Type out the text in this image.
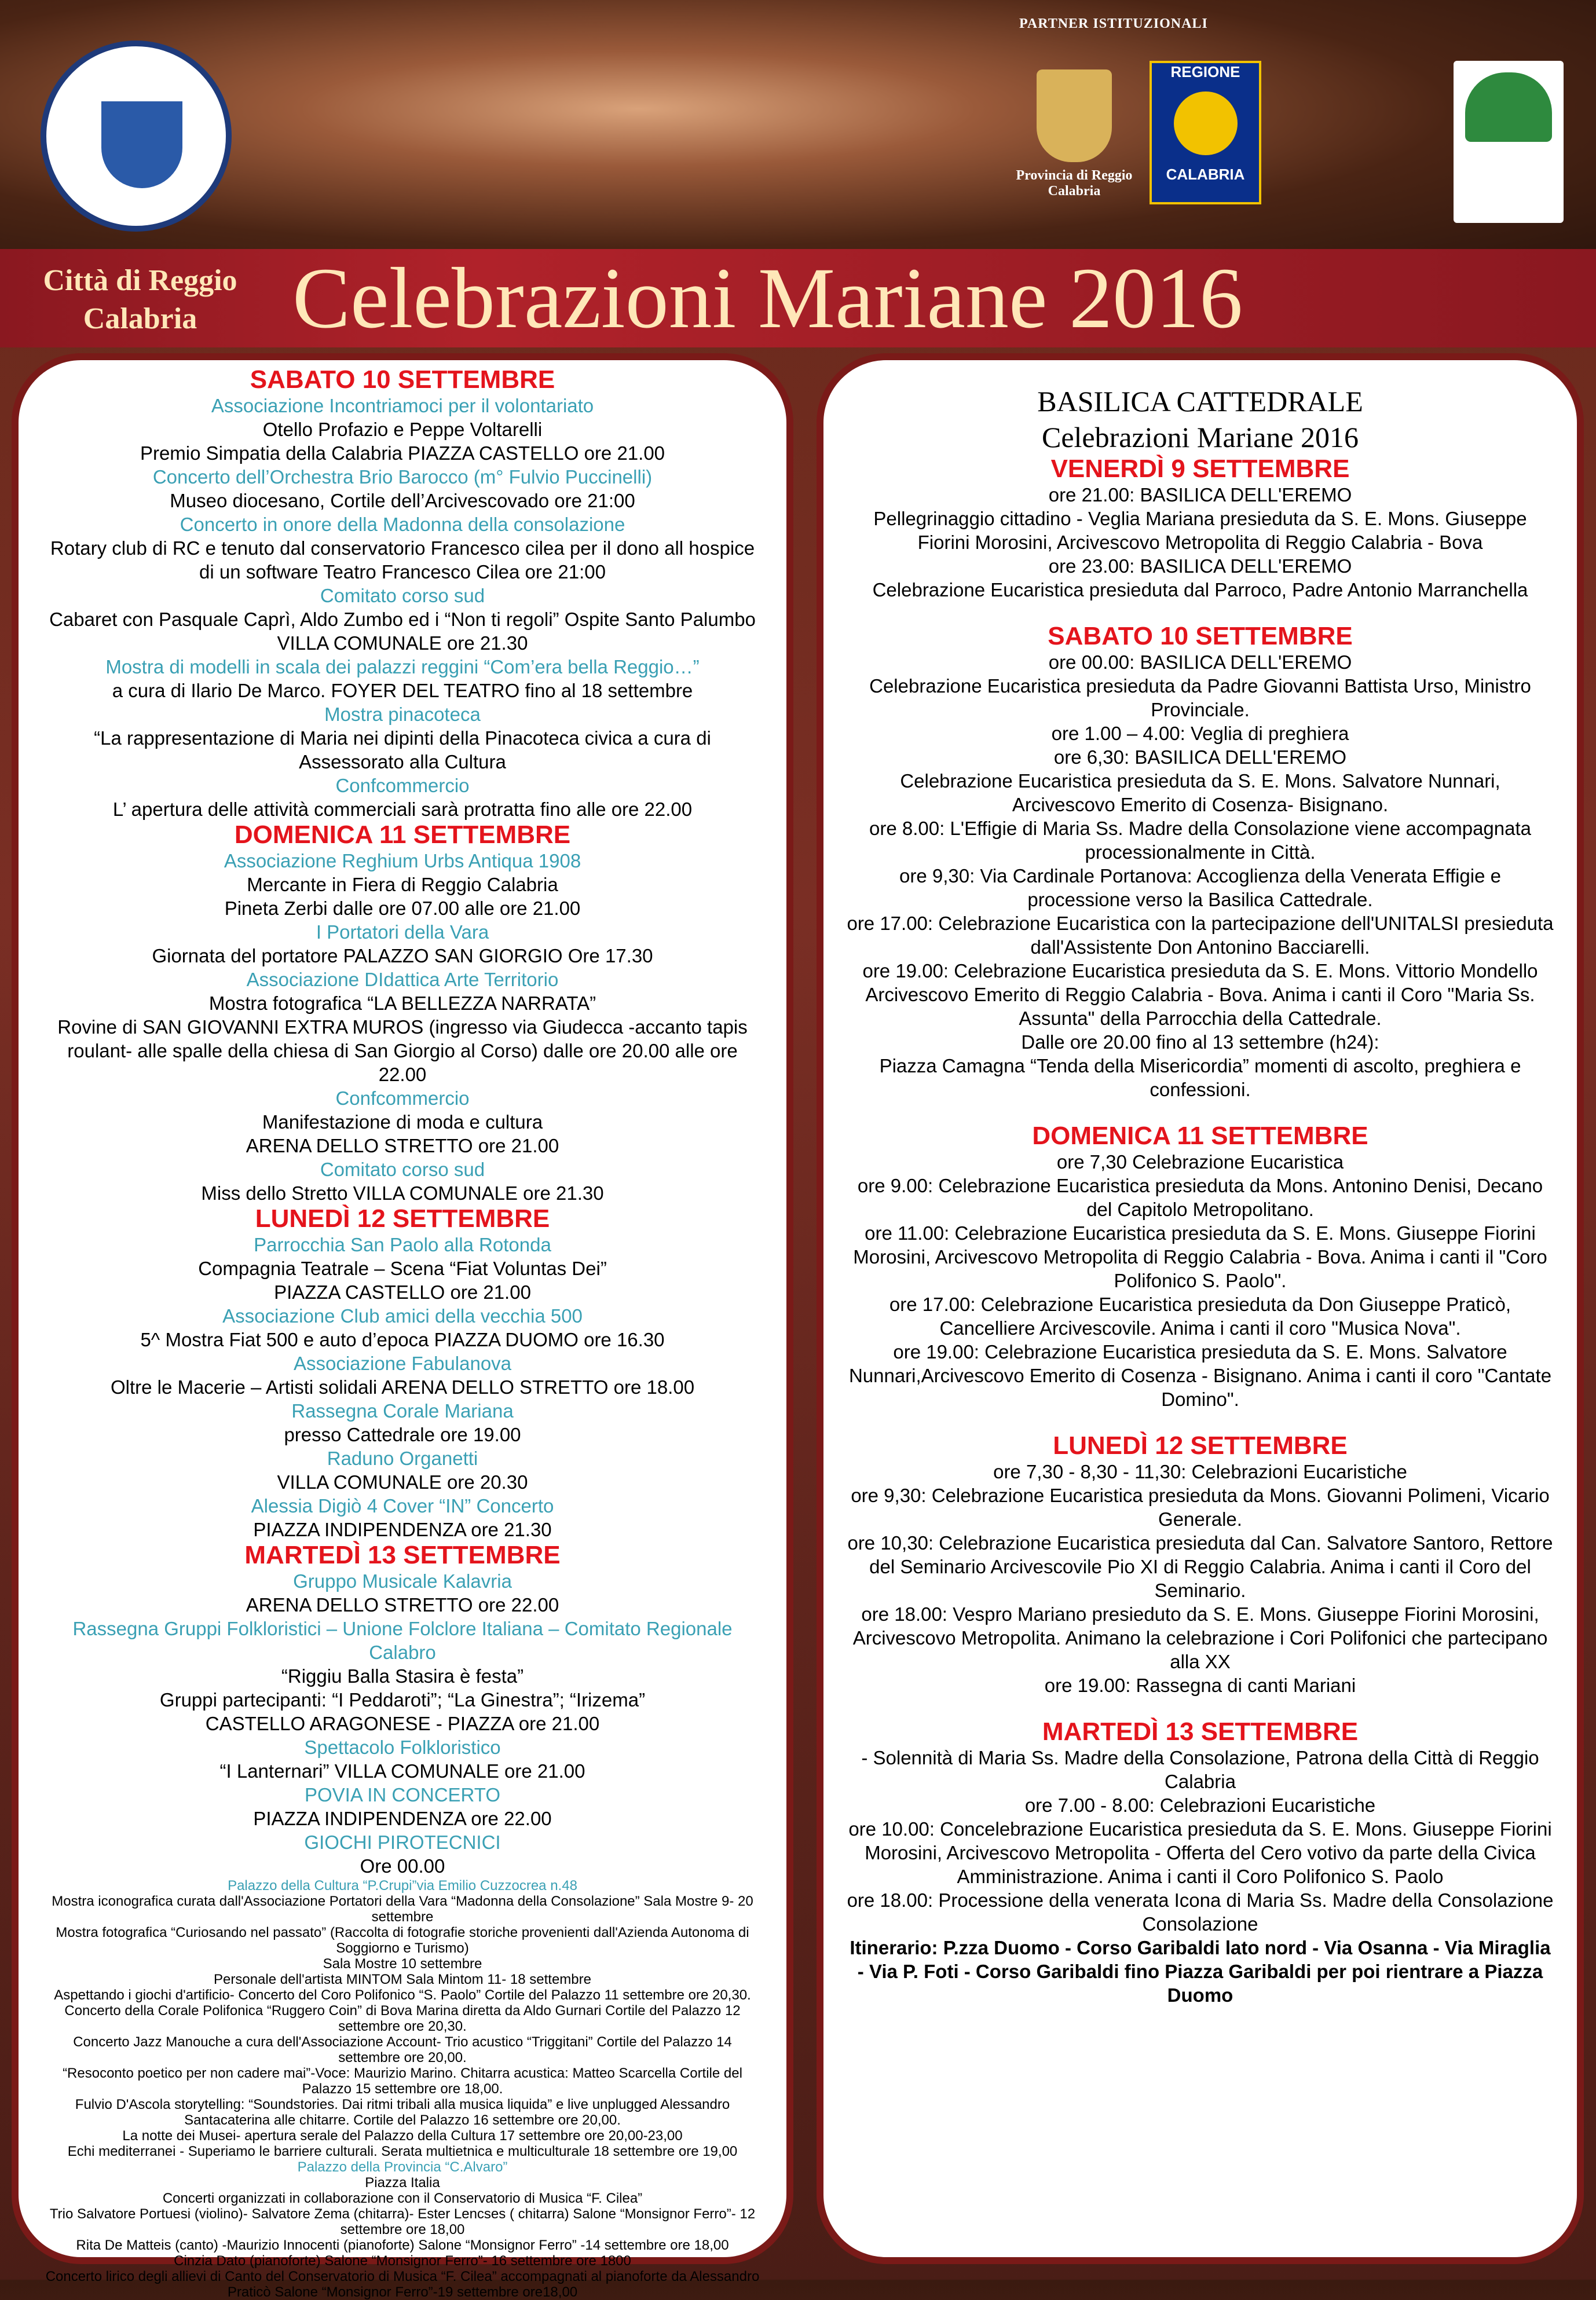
PARTNER ISTITUZIONALI
Provincia di Reggio Calabria
REGIONE
CALABRIA
Città di Reggio Calabria	Celebrazioni Mariane 2016
SABATO 10 SETTEMBRE
Associazione Incontriamoci per il volontariato
Otello Profazio e Peppe Voltarelli
Premio Simpatia della Calabria PIAZZA CASTELLO ore 21.00
Concerto dell’Orchestra Brio Barocco (m° Fulvio Puccinelli)
Museo diocesano, Cortile dell’Arcivescovado ore 21:00
Concerto in onore della Madonna della consolazione
Rotary club di RC e tenuto dal conservatorio Francesco cilea per il dono all hospice di un software Teatro Francesco Cilea ore 21:00
Comitato corso sud
Cabaret con Pasquale Caprì, Aldo Zumbo ed i “Non ti regoli” Ospite Santo Palumbo VILLA COMUNALE ore 21.30
Mostra di modelli in scala dei palazzi reggini “Com’era bella Reggio…”
a cura di Ilario De Marco. FOYER DEL TEATRO fino al 18 settembre
Mostra pinacoteca
“La rappresentazione di Maria nei dipinti della Pinacoteca civica a cura di Assessorato alla Cultura
Confcommercio
L’ apertura delle attività commerciali sarà protratta fino alle ore 22.00
DOMENICA 11 SETTEMBRE
Associazione Reghium Urbs Antiqua 1908
Mercante in Fiera di Reggio Calabria
Pineta Zerbi dalle ore 07.00 alle ore 21.00
I Portatori della Vara
Giornata del portatore PALAZZO SAN GIORGIO Ore 17.30
Associazione DIdattica Arte Territorio
Mostra fotografica “LA BELLEZZA NARRATA”
Rovine di SAN GIOVANNI EXTRA MUROS (ingresso via Giudecca -accanto tapis roulant- alle spalle della chiesa di San Giorgio al Corso) dalle ore 20.00 alle ore 22.00
Confcommercio
Manifestazione di moda e cultura
ARENA DELLO STRETTO ore 21.00
Comitato corso sud
Miss dello Stretto VILLA COMUNALE ore 21.30
LUNEDÌ 12 SETTEMBRE
Parrocchia San Paolo alla Rotonda
Compagnia Teatrale – Scena “Fiat Voluntas Dei”
PIAZZA CASTELLO ore 21.00
Associazione Club amici della vecchia 500
5^ Mostra Fiat 500 e auto d’epoca PIAZZA DUOMO ore 16.30
Associazione Fabulanova
Oltre le Macerie – Artisti solidali ARENA DELLO STRETTO ore 18.00
Rassegna Corale Mariana
presso Cattedrale ore 19.00
Raduno Organetti
VILLA COMUNALE ore 20.30
Alessia Digiò 4 Cover “IN” Concerto
PIAZZA INDIPENDENZA ore 21.30
MARTEDÌ 13 SETTEMBRE
Gruppo Musicale Kalavria
ARENA DELLO STRETTO ore 22.00
Rassegna Gruppi Folkloristici – Unione Folclore Italiana – Comitato Regionale Calabro
“Riggiu Balla Stasira è festa”
Gruppi partecipanti: “I Peddaroti”; “La Ginestra”; “Irizema”
CASTELLO ARAGONESE - PIAZZA ore 21.00
Spettacolo Folkloristico
“I Lanternari” VILLA COMUNALE ore 21.00
POVIA IN CONCERTO
PIAZZA INDIPENDENZA ore 22.00
GIOCHI PIROTECNICI
Ore 00.00
Palazzo della Cultura “P.Crupi”via Emilio Cuzzocrea n.48
Mostra iconografica curata dall'Associazione Portatori della Vara “Madonna della Consolazione” Sala Mostre 9- 20 settembre
Mostra fotografica “Curiosando nel passato” (Raccolta di fotografie storiche provenienti dall'Azienda Autonoma di Soggiorno e Turismo)
Sala Mostre 10 settembre
Personale dell'artista MINTOM Sala Mintom 11- 18 settembre
Aspettando i giochi d'artificio- Concerto del Coro Polifonico “S. Paolo” Cortile del Palazzo 11 settembre ore 20,30.
Concerto della Corale Polifonica “Ruggero Coin” di Bova Marina diretta da Aldo Gurnari Cortile del Palazzo 12 settembre ore 20,30.
Concerto Jazz Manouche a cura dell'Associazione Account- Trio acustico “Triggitani” Cortile del Palazzo 14 settembre ore 20,00.
“Resoconto poetico per non cadere mai”-Voce: Maurizio Marino. Chitarra acustica: Matteo Scarcella Cortile del Palazzo 15 settembre ore 18,00.
Fulvio D'Ascola storytelling: “Soundstories. Dai ritmi tribali alla musica liquida” e live unplugged Alessandro Santacaterina alle chitarre. Cortile del Palazzo 16 settembre ore 20,00.
La notte dei Musei- apertura serale del Palazzo della Cultura 17 settembre ore 20,00-23,00
Echi mediterranei - Superiamo le barriere culturali. Serata multietnica e multiculturale 18 settembre ore 19,00
Palazzo della Provincia “C.Alvaro”
Piazza Italia
Concerti organizzati in collaborazione con il Conservatorio di Musica “F. Cilea”
Trio Salvatore Portuesi (violino)- Salvatore Zema (chitarra)- Ester Lencses ( chitarra) Salone “Monsignor Ferro”- 12 settembre ore 18,00
Rita De Matteis (canto) -Maurizio Innocenti (pianoforte) Salone “Monsignor Ferro” -14 settembre ore 18,00
Cinzia Dato (pianoforte) Salone “Monsignor Ferro”- 16 settembre ore 1800
Concerto lirico degli allievi di Canto del Conservatorio di Musica “F. Cilea” accompagnati al pianoforte da Alessandro Praticò Salone “Monsignor Ferro”-19 settembre ore18,00
BASILICA CATTEDRALE
Celebrazioni Mariane 2016
VENERDÌ 9 SETTEMBRE
ore 21.00: BASILICA DELL'EREMO
Pellegrinaggio cittadino - Veglia Mariana presieduta da S. E. Mons. Giuseppe Fiorini Morosini, Arcivescovo Metropolita di Reggio Calabria - Bova
ore 23.00: BASILICA DELL'EREMO
Celebrazione Eucaristica presieduta dal Parroco, Padre Antonio Marranchella
SABATO 10 SETTEMBRE
ore 00.00: BASILICA DELL'EREMO
Celebrazione Eucaristica presieduta da Padre Giovanni Battista Urso, Ministro Provinciale.
ore 1.00 – 4.00: Veglia di preghiera
ore 6,30: BASILICA DELL'EREMO
Celebrazione Eucaristica presieduta da S. E. Mons. Salvatore Nunnari, Arcivescovo Emerito di Cosenza- Bisignano.
ore 8.00: L'Effigie di Maria Ss. Madre della Consolazione viene accompagnata processionalmente in Città.
ore 9,30: Via Cardinale Portanova: Accoglienza della Venerata Effigie e processione verso la Basilica Cattedrale.
ore 17.00: Celebrazione Eucaristica con la partecipazione dell'UNITALSI presieduta dall'Assistente Don Antonino Bacciarelli.
ore 19.00: Celebrazione Eucaristica presieduta da S. E. Mons. Vittorio Mondello Arcivescovo Emerito di Reggio Calabria - Bova. Anima i canti il Coro "Maria Ss. Assunta" della Parrocchia della Cattedrale.
Dalle ore 20.00 fino al 13 settembre (h24):
Piazza Camagna “Tenda della Misericordia” momenti di ascolto, preghiera e confessioni.
DOMENICA 11 SETTEMBRE
ore 7,30 Celebrazione Eucaristica
ore 9.00: Celebrazione Eucaristica presieduta da Mons. Antonino Denisi, Decano del Capitolo Metropolitano.
ore 11.00: Celebrazione Eucaristica presieduta da S. E. Mons. Giuseppe Fiorini Morosini, Arcivescovo Metropolita di Reggio Calabria - Bova. Anima i canti il "Coro Polifonico S. Paolo".
ore 17.00: Celebrazione Eucaristica presieduta da Don Giuseppe Praticò, Cancelliere Arcivescovile. Anima i canti il coro "Musica Nova".
ore 19.00: Celebrazione Eucaristica presieduta da S. E. Mons. Salvatore Nunnari,Arcivescovo Emerito di Cosenza - Bisignano. Anima i canti il coro "Cantate Domino".
LUNEDÌ 12 SETTEMBRE
ore 7,30 - 8,30 - 11,30: Celebrazioni Eucaristiche
ore 9,30: Celebrazione Eucaristica presieduta da Mons. Giovanni Polimeni, Vicario Generale.
ore 10,30: Celebrazione Eucaristica presieduta dal Can. Salvatore Santoro, Rettore del Seminario Arcivescovile Pio XI di Reggio Calabria. Anima i canti il Coro del Seminario.
ore 18.00: Vespro Mariano presieduto da S. E. Mons. Giuseppe Fiorini Morosini, Arcivescovo Metropolita. Animano la celebrazione i Cori Polifonici che partecipano alla XX
ore 19.00: Rassegna di canti Mariani
MARTEDÌ 13 SETTEMBRE
- Solennità di Maria Ss. Madre della Consolazione, Patrona della Città di Reggio Calabria
ore 7.00 - 8.00: Celebrazioni Eucaristiche
ore 10.00: Concelebrazione Eucaristica presieduta da S. E. Mons. Giuseppe Fiorini Morosini, Arcivescovo Metropolita - Offerta del Cero votivo da parte della Civica Amministrazione. Anima i canti il Coro Polifonico S. Paolo
ore 18.00: Processione della venerata Icona di Maria Ss. Madre della Consolazione Consolazione
Itinerario: P.zza Duomo - Corso Garibaldi lato nord - Via Osanna - Via Miraglia - Via P. Foti - Corso Garibaldi fino Piazza Garibaldi per poi rientrare a Piazza Duomo
